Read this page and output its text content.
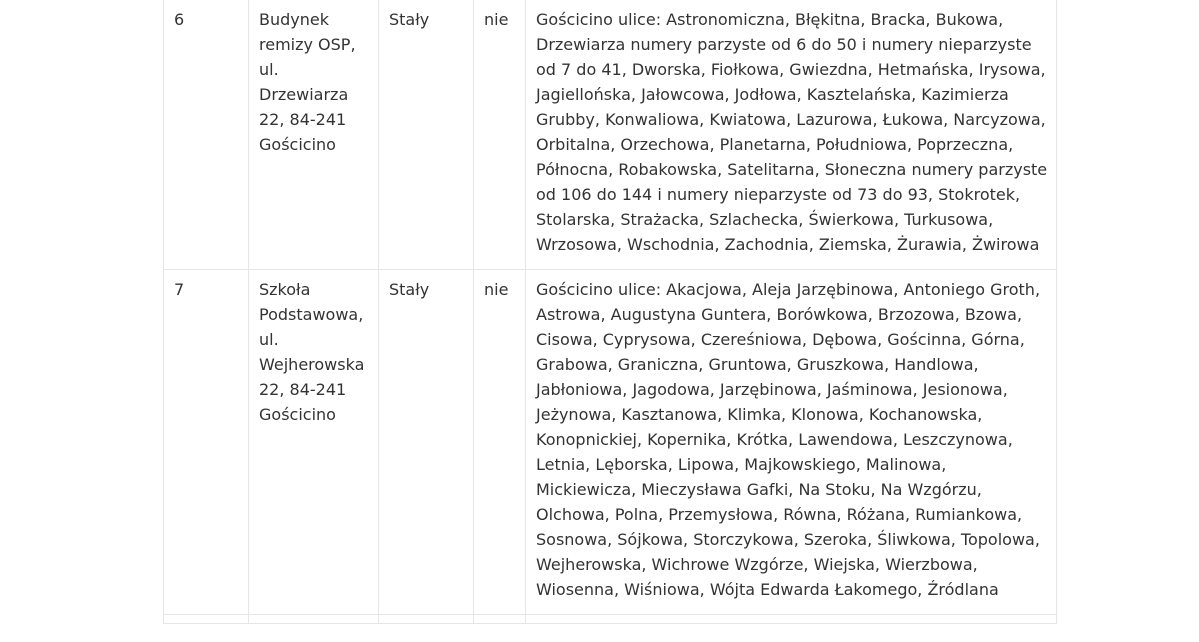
6	Budynek remizy OSP, ul. Drzewiarza 22, 84-241 Gościcino	Stały	nie	Gościcino ulice: Astronomiczna, Błękitna, Bracka, Bukowa, Drzewiarza numery parzyste od 6 do 50 i numery nieparzyste od 7 do 41, Dworska, Fiołkowa, Gwiezdna, Hetmańska, Irysowa, Jagiellońska, Jałowcowa, Jodłowa, Kasztelańska, Kazimierza Grubby, Konwaliowa, Kwiatowa, Lazurowa, Łukowa, Narcyzowa, Orbitalna, Orzechowa, Planetarna, Południowa, Poprzeczna, Północna, Robakowska, Satelitarna, Słoneczna numery parzyste od 106 do 144 i numery nieparzyste od 73 do 93, Stokrotek, Stolarska, Strażacka, Szlachecka, Świerkowa, Turkusowa, Wrzosowa, Wschodnia, Zachodnia, Ziemska, Żurawia, Żwirowa
7	Szkoła Podstawowa, ul. Wejherowska 22, 84-241 Gościcino	Stały	nie	Gościcino ulice: Akacjowa, Aleja Jarzębinowa, Antoniego Groth, Astrowa, Augustyna Guntera, Borówkowa, Brzozowa, Bzowa, Cisowa, Cyprysowa, Czereśniowa, Dębowa, Gościnna, Górna, Grabowa, Graniczna, Gruntowa, Gruszkowa, Handlowa, Jabłoniowa, Jagodowa, Jarzębinowa, Jaśminowa, Jesionowa, Jeżynowa, Kasztanowa, Klimka, Klonowa, Kochanowska, Konopnickiej, Kopernika, Krótka, Lawendowa, Leszczynowa, Letnia, Lęborska, Lipowa, Majkowskiego, Malinowa, Mickiewicza, Mieczysława Gafki, Na Stoku, Na Wzgórzu, Olchowa, Polna, Przemysłowa, Równa, Różana, Rumiankowa, Sosnowa, Sójkowa, Storczykowa, Szeroka, Śliwkowa, Topolowa, Wejherowska, Wichrowe Wzgórze, Wiejska, Wierzbowa, Wiosenna, Wiśniowa, Wójta Edwarda Łakomego, Źródlana
